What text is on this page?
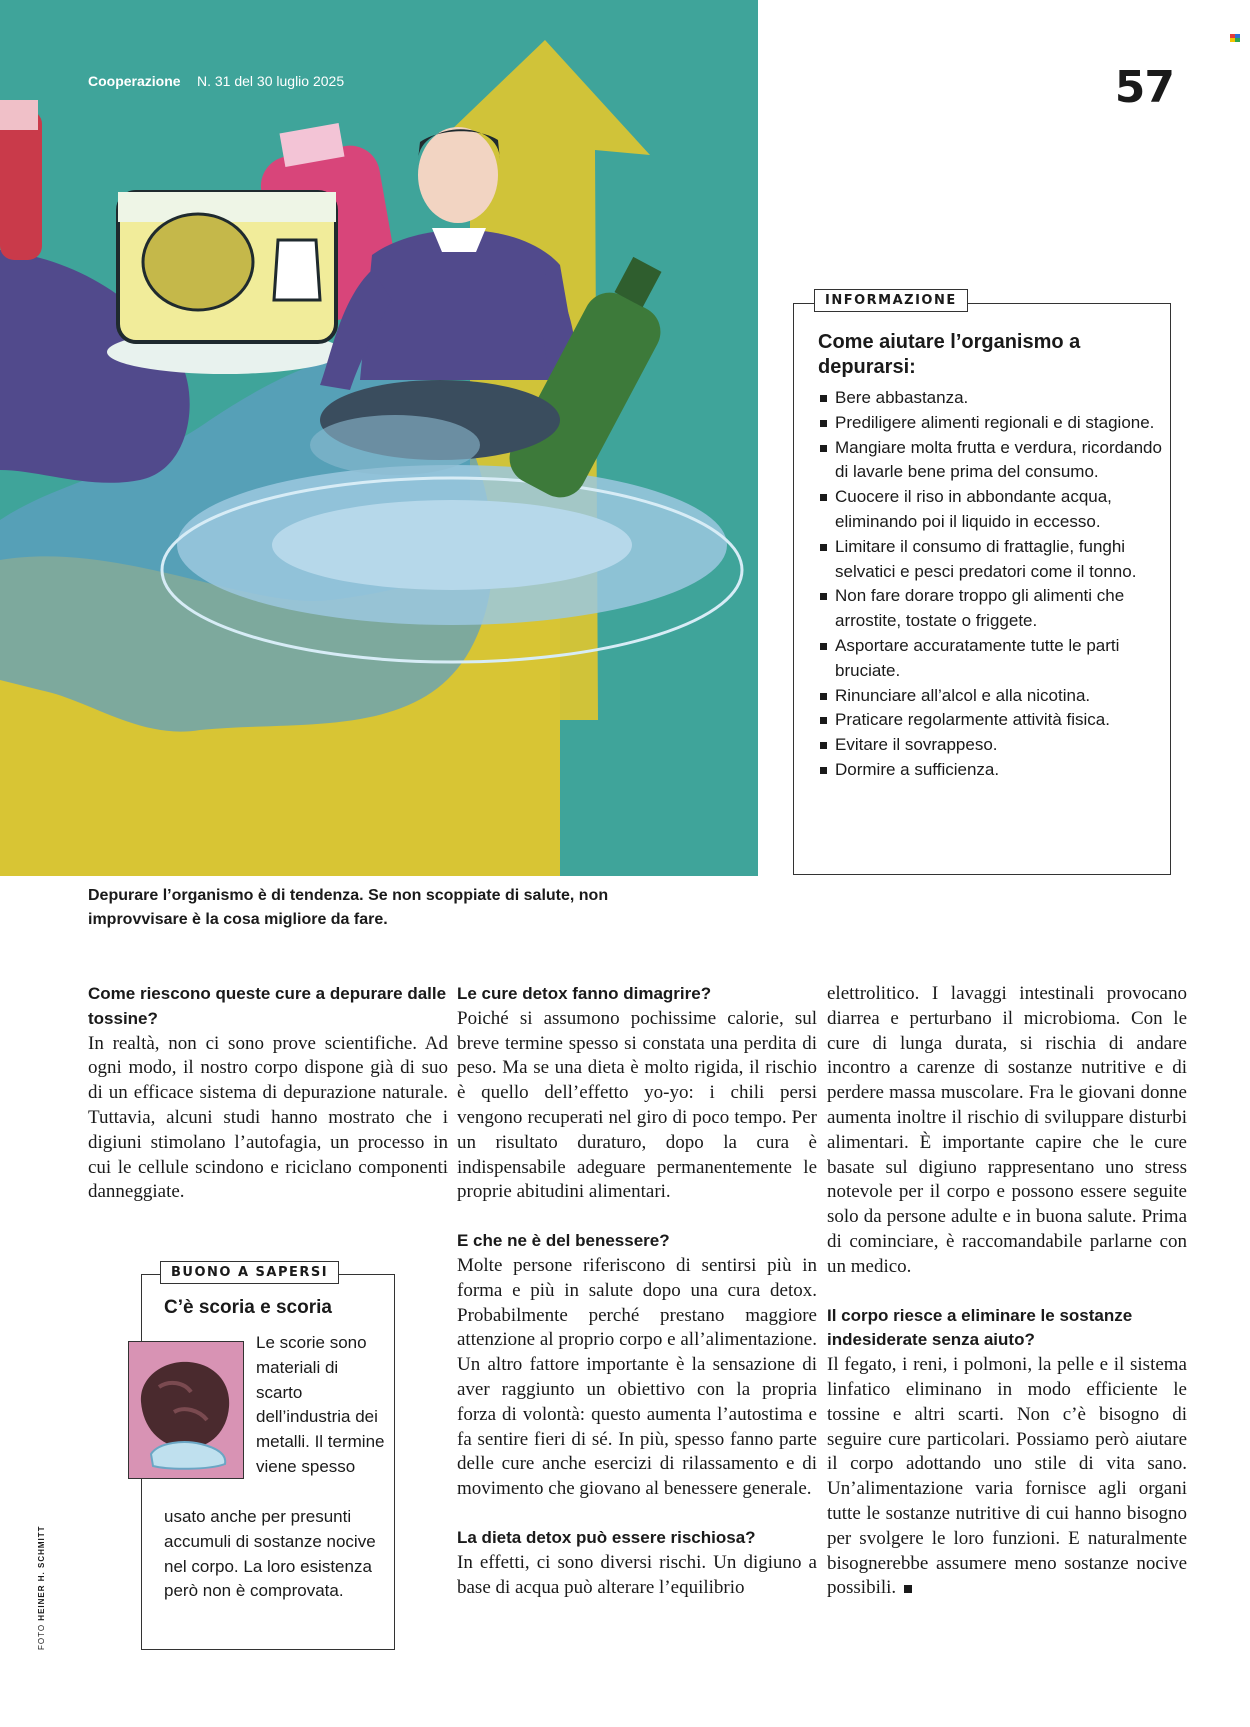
Cooperazione N. 31 del 30 luglio 2025	57
Depurare l’organismo è di tendenza. Se non scoppiate di salute, non improvvisare è la cosa migliore da fare.
INFORMAZIONE
Come aiutare l’organismo a depurarsi:
Bere abbastanza.
Prediligere alimenti regionali e di stagione.
Mangiare molta frutta e verdura, ricordando di lavarle bene prima del consumo.
Cuocere il riso in abbondante acqua, eliminando poi il liquido in eccesso.
Limitare il consumo di frattaglie, funghi selvatici e pesci predatori come il tonno.
Non fare dorare troppo gli alimenti che arrostite, tostate o friggete.
Asportare accuratamente tutte le parti bruciate.
Rinunciare all’alcol e alla nicotina.
Praticare regolarmente attività fisica.
Evitare il sovrappeso.
Dormire a sufficienza.

Come riescono queste cure a depurare dalle tossine?

In realtà, non ci sono prove scientifiche. Ad ogni modo, il nostro corpo dispone già di suo di un efficace sistema di depurazione naturale. Tuttavia, alcuni studi hanno mostrato che i digiuni stimolano l’autofagia, un processo in cui le cellule scindono e riciclano componenti danneggiate.

BUONO A SAPERSI
C’è scoria e scoria

Le scorie sono materiali di scarto dell’industria dei metalli. Il termine viene spesso

usato anche per presunti accumuli di sostanze nocive nel corpo. La loro esistenza però non è comprovata.

Le cure detox fanno dimagrire?

Poiché si assumono pochissime calorie, sul breve termine spesso si constata una perdita di peso. Ma se una dieta è molto rigida, il rischio è quello dell’effetto yo-yo: i chili persi vengono recuperati nel giro di poco tempo. Per un risultato duraturo, dopo la cura è indispensabile adeguare permanentemente le proprie abitudini alimentari.

E che ne è del benessere?

Molte persone riferiscono di sentirsi più in forma e più in salute dopo una cura detox. Probabilmente perché prestano maggiore attenzione al proprio corpo e all’alimentazione. Un altro fattore importante è la sensazione di aver raggiunto un obiettivo con la propria forza di volontà: questo aumenta l’autostima e fa sentire fieri di sé. In più, spesso fanno parte delle cure anche esercizi di rilassamento e di movimento che giovano al benessere generale.

La dieta detox può essere rischiosa?

In effetti, ci sono diversi rischi. Un digiuno a base di acqua può alterare l’equilibrio

elettrolitico. I lavaggi intestinali provocano diarrea e perturbano il microbioma. Con le cure di lunga durata, si rischia di andare incontro a carenze di sostanze nutritive e di perdere massa muscolare. Fra le giovani donne aumenta inoltre il rischio di sviluppare disturbi alimentari. È importante capire che le cure basate sul digiuno rappresentano uno stress notevole per il corpo e possono essere seguite solo da persone adulte e in buona salute. Prima di cominciare, è raccomandabile parlarne con un medico.

Il corpo riesce a eliminare le sostanze indesiderate senza aiuto?

Il fegato, i reni, i polmoni, la pelle e il sistema linfatico eliminano in modo efficiente le tossine e altri scarti. Non c’è bisogno di seguire cure particolari. Possiamo però aiutare il corpo adottando uno stile di vita sano. Un’alimentazione varia fornisce agli organi tutte le sostanze nutritive di cui hanno bisogno per svolgere le loro funzioni. E naturalmente bisognerebbe assumere meno sostanze nocive possibili.

FOTO HEINER H. SCHMITT
